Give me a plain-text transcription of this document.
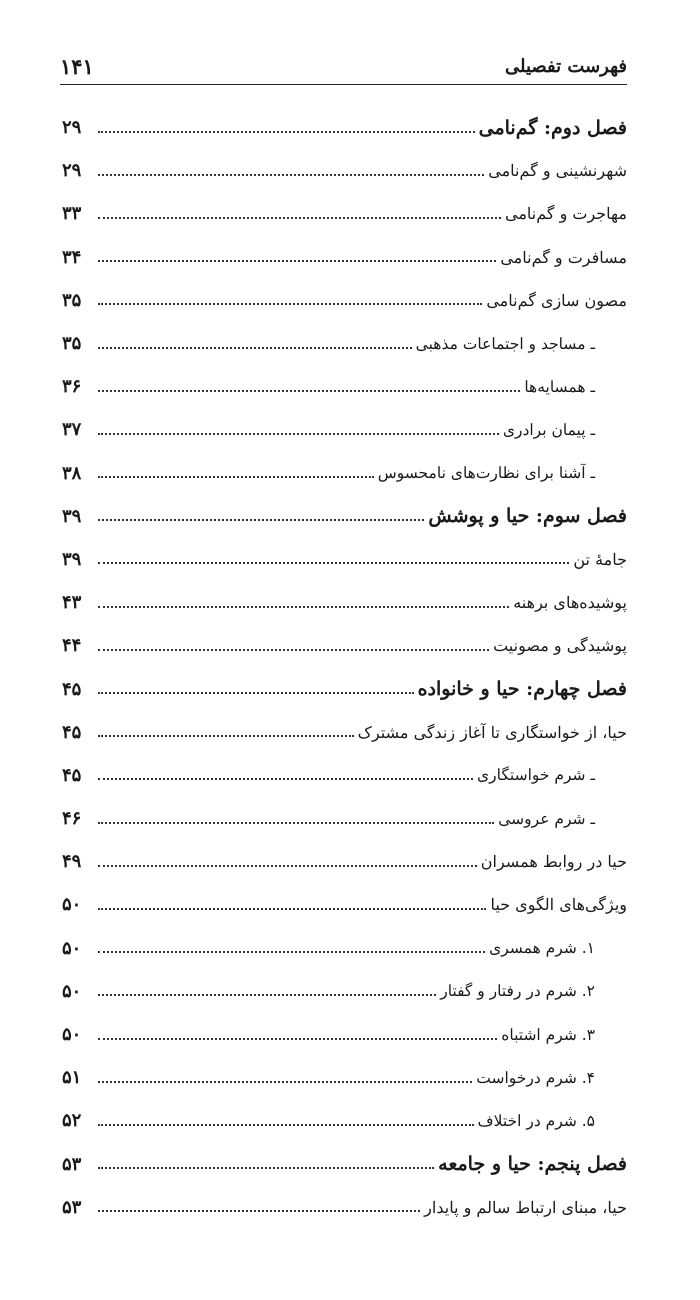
فهرست تفصیلی
۱۴۱
فصل دوم: گم‌نامی
۲۹
شهرنشینی و گم‌نامی
۲۹
مهاجرت و گم‌نامی
۳۳
مسافرت و گم‌نامی
۳۴
مصون سازی گم‌نامی
۳۵
ـ مساجد و اجتماعات مذهبی
۳۵
ـ همسایه‌ها
۳۶
ـ پیمان برادری
۳۷
ـ آشنا برای نظارت‌های نامحسوس
۳۸
فصل سوم: حیا و پوشش
۳۹
جامهٔ تن
۳۹
پوشیده‌های برهنه
۴۳
پوشیدگی و مصونیت
۴۴
فصل چهارم: حیا و خانواده
۴۵
حیا، از خواستگاری تا آغاز زندگی مشترک
۴۵
ـ شرم خواستگاری
۴۵
ـ شرم عروسی
۴۶
حیا در روابط همسران
۴۹
ویژگی‌های الگوی حیا
۵۰
۱. شرم همسری
۵۰
۲. شرم در رفتار و گفتار
۵۰
۳. شرم اشتباه
۵۰
۴. شرم درخواست
۵۱
۵. شرم در اختلاف
۵۲
فصل پنجم: حیا و جامعه
۵۳
حیا، مبنای ارتباط سالم و پایدار
۵۳
